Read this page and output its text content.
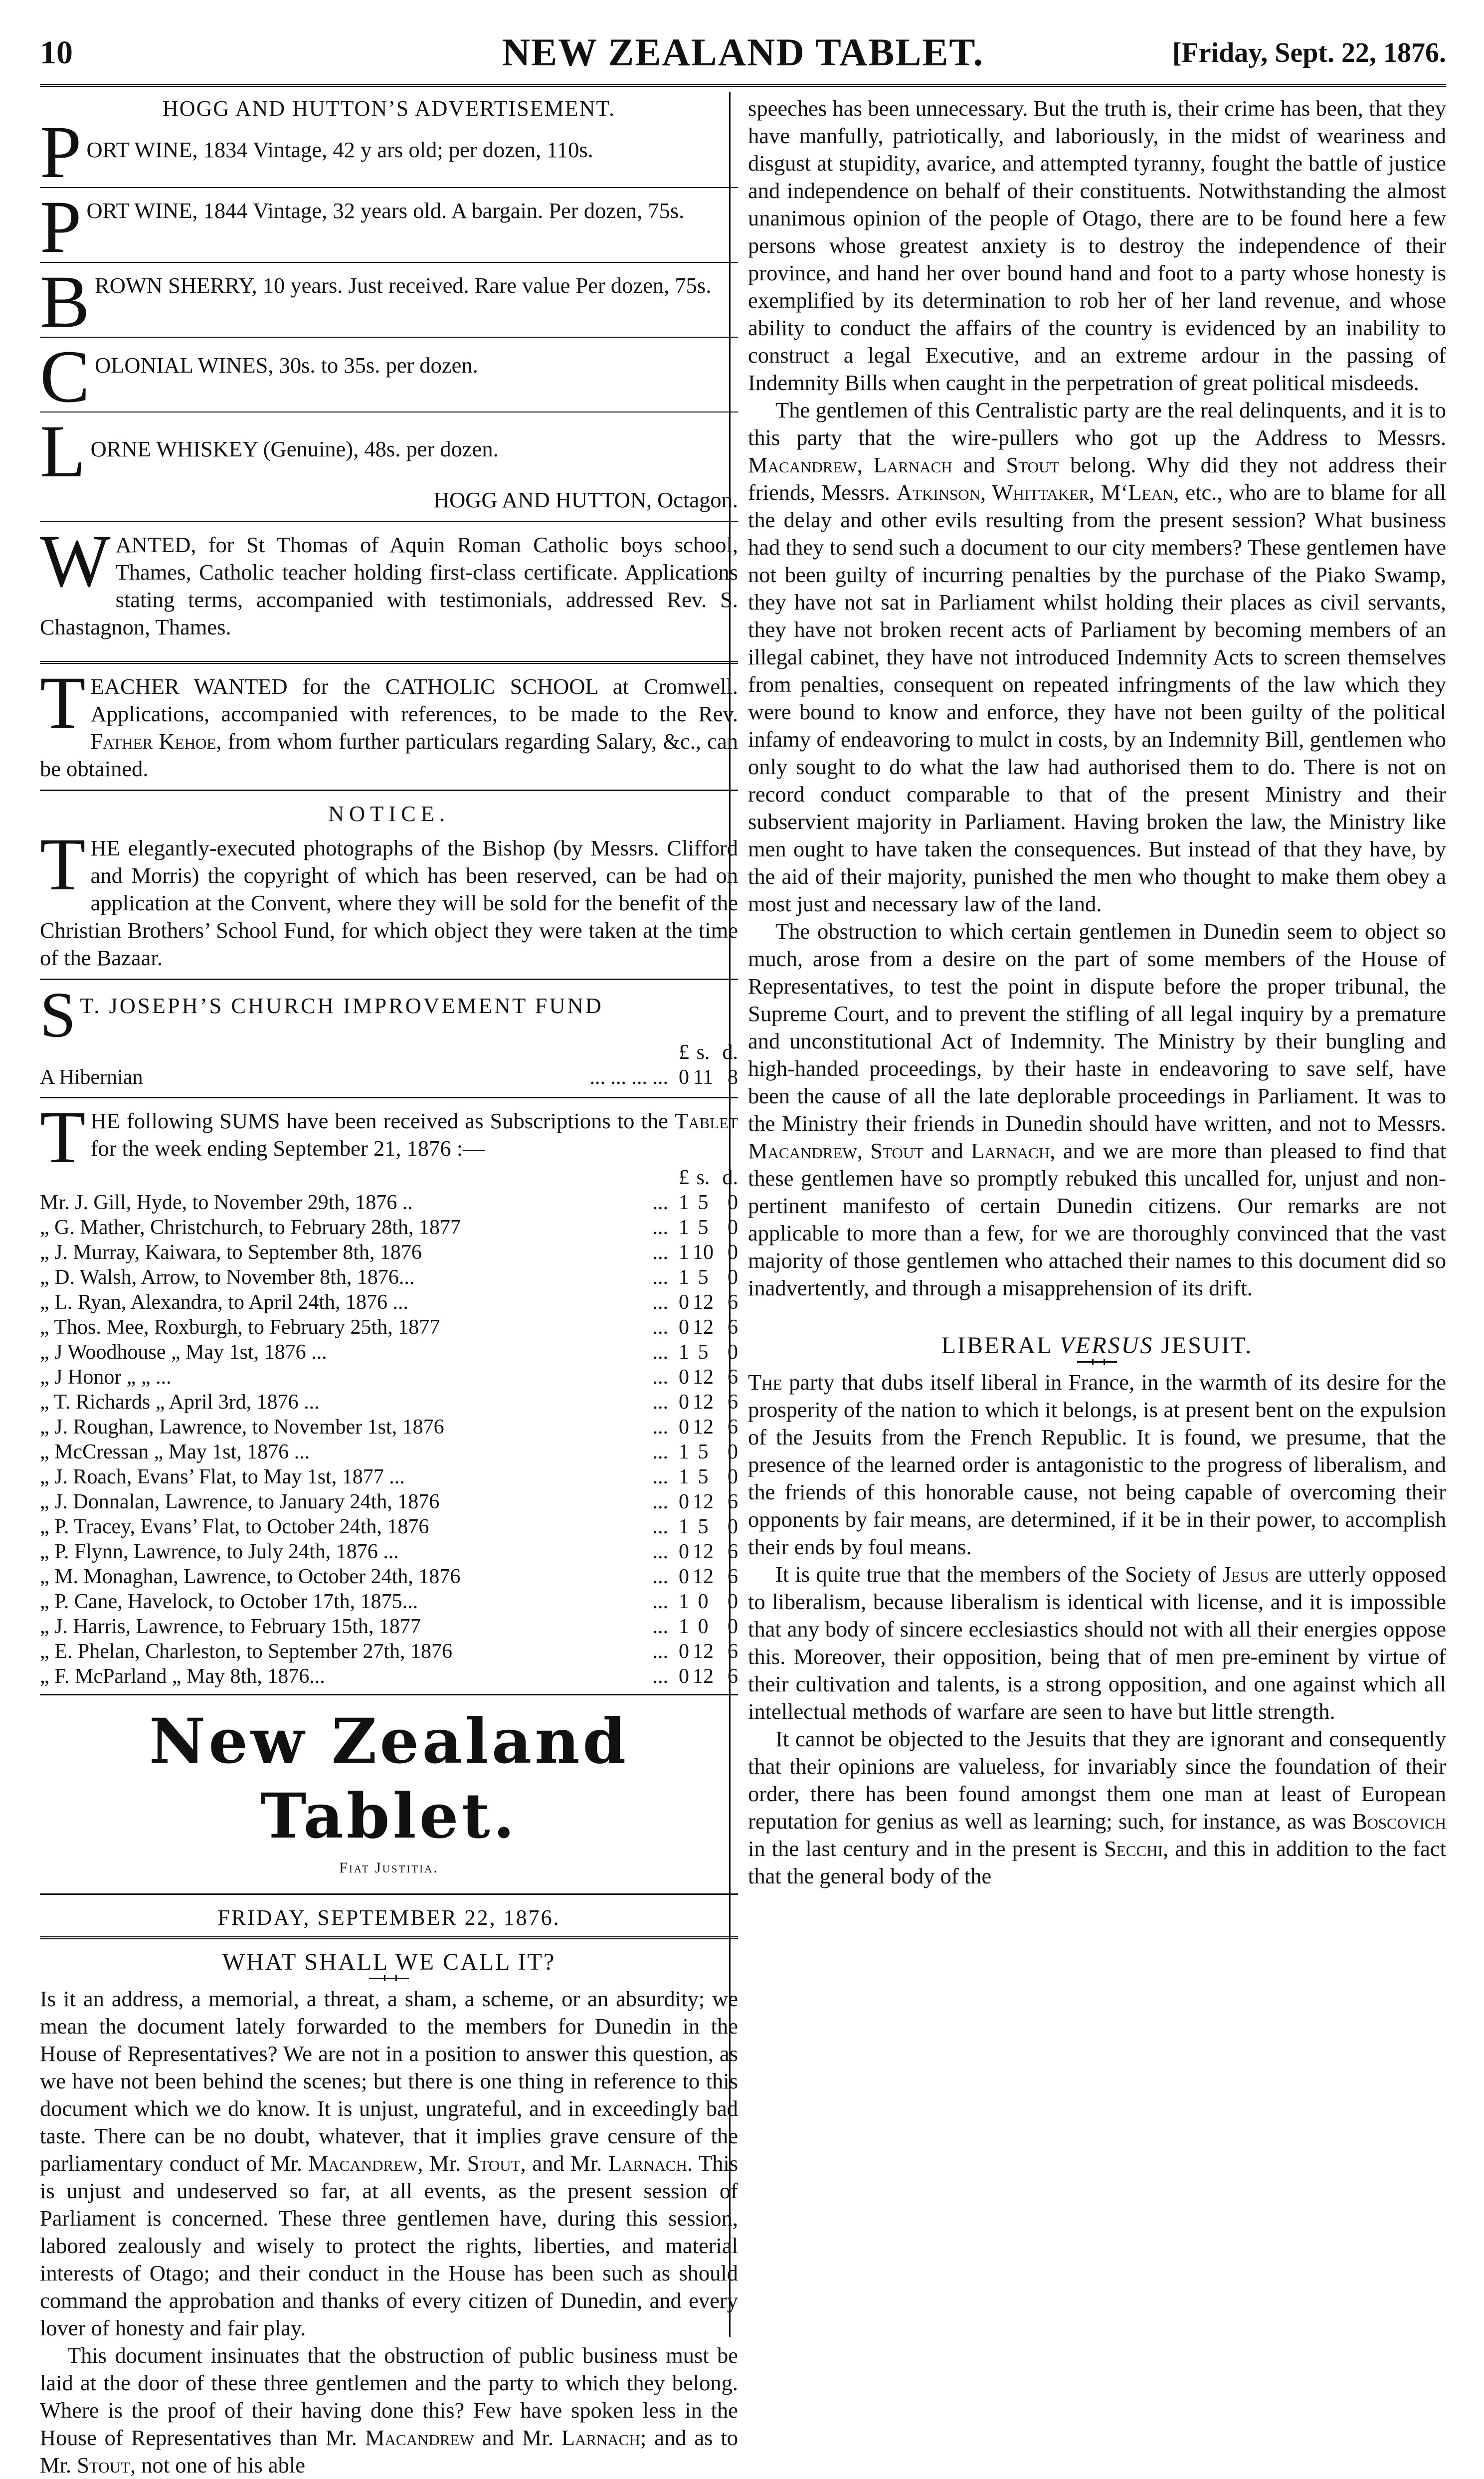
10	NEW ZEALAND TABLET.	[Friday, Sept. 22, 1876.
HOGG AND HUTTON’S ADVERTISEMENT.
P ORT WINE, 1834 Vintage, 42 y ars old; per dozen, 110s.

P ORT WINE, 1844 Vintage, 32 years old. A bargain. Per dozen, 75s.

B ROWN SHERRY, 10 years. Just received. Rare value Per dozen, 75s.

C OLONIAL WINES, 30s. to 35s. per dozen.

L ORNE WHISKEY (Genuine), 48s. per dozen.

HOGG AND HUTTON, Octagon.

W ANTED, for St Thomas of Aquin Roman Catholic boys school, Thames, Catholic teacher holding first-class certificate. Applications stating terms, accompanied with testimonials, addressed Rev. S. Chastagnon, Thames.

T EACHER WANTED for the CATHOLIC SCHOOL at Cromwell. Applications, accompanied with references, to be made to the Rev. Father Kehoe, from whom further particulars regarding Salary, &c., can be obtained.

NOTICE.
T HE elegantly-executed photographs of the Bishop (by Messrs. Clifford and Morris) the copyright of which has been reserved, can be had on application at the Convent, where they will be sold for the benefit of the Christian Brothers’ School Fund, for which object they were taken at the time of the Bazaar.

S T. JOSEPH’S CHURCH IMPROVEMENT FUND

		£	s.	d.
A Hibernian	... ... ... ...	0	11	8
T HE following SUMS have been received as Subscriptions to the Tablet for the week ending September 21, 1876 :—

		£	s.	d.
Mr. J. Gill, Hyde, to November 29th, 1876 ..	...	1	5	0
„ G. Mather, Christchurch, to February 28th, 1877	...	1	5	0
„ J. Murray, Kaiwara, to September 8th, 1876	...	1	10	0
„ D. Walsh, Arrow, to November 8th, 1876...	...	1	5	0
„ L. Ryan, Alexandra, to April 24th, 1876 ...	...	0	12	6
„ Thos. Mee, Roxburgh, to February 25th, 1877	...	0	12	6
„ J Woodhouse „ May 1st, 1876 ...	...	1	5	0
„ J Honor „ „ ...	...	0	12	6
„ T. Richards „ April 3rd, 1876 ...	...	0	12	6
„ J. Roughan, Lawrence, to November 1st, 1876	...	0	12	6
„ McCressan „ May 1st, 1876 ...	...	1	5	0
„ J. Roach, Evans’ Flat, to May 1st, 1877 ...	...	1	5	0
„ J. Donnalan, Lawrence, to January 24th, 1876	...	0	12	6
„ P. Tracey, Evans’ Flat, to October 24th, 1876	...	1	5	0
„ P. Flynn, Lawrence, to July 24th, 1876 ...	...	0	12	6
„ M. Monaghan, Lawrence, to October 24th, 1876	...	0	12	6
„ P. Cane, Havelock, to October 17th, 1875...	...	1	0	0
„ J. Harris, Lawrence, to February 15th, 1877	...	1	0	0
„ E. Phelan, Charleston, to September 27th, 1876	...	0	12	6
„ F. McParland „ May 8th, 1876...	...	0	12	6
New Zealand Tablet.
Fiat Justitia.
FRIDAY, SEPTEMBER 22, 1876.
WHAT SHALL WE CALL IT?

Is it an address, a memorial, a threat, a sham, a scheme, or an absurdity; we mean the document lately forwarded to the members for Dunedin in the House of Representatives? We are not in a position to answer this question, as we have not been behind the scenes; but there is one thing in reference to this document which we do know. It is unjust, ungrateful, and in exceedingly bad taste. There can be no doubt, whatever, that it implies grave censure of the parliamentary conduct of Mr. Macandrew, Mr. Stout, and Mr. Larnach. This is unjust and undeserved so far, at all events, as the present session of Parliament is concerned. These three gentlemen have, during this session, labored zealously and wisely to protect the rights, liberties, and material interests of Otago; and their conduct in the House has been such as should command the approbation and thanks of every citizen of Dunedin, and every lover of honesty and fair play.

This document insinuates that the obstruction of public business must be laid at the door of these three gentlemen and the party to which they belong. Where is the proof of their having done this? Few have spoken less in the House of Representatives than Mr. Macandrew and Mr. Larnach; and as to Mr. Stout, not one of his able

speeches has been unnecessary. But the truth is, their crime has been, that they have manfully, patriotically, and laboriously, in the midst of weariness and disgust at stupidity, avarice, and attempted tyranny, fought the battle of justice and independence on behalf of their constituents. Notwithstanding the almost unanimous opinion of the people of Otago, there are to be found here a few persons whose greatest anxiety is to destroy the independence of their province, and hand her over bound hand and foot to a party whose honesty is exemplified by its determination to rob her of her land revenue, and whose ability to conduct the affairs of the country is evidenced by an inability to construct a legal Executive, and an extreme ardour in the passing of Indemnity Bills when caught in the perpetration of great political misdeeds.

The gentlemen of this Centralistic party are the real delinquents, and it is to this party that the wire-pullers who got up the Address to Messrs. Macandrew, Larnach and Stout belong. Why did they not address their friends, Messrs. Atkinson, Whittaker, M‘Lean, etc., who are to blame for all the delay and other evils resulting from the present session? What business had they to send such a document to our city members? These gentlemen have not been guilty of incurring penalties by the purchase of the Piako Swamp, they have not sat in Parliament whilst holding their places as civil servants, they have not broken recent acts of Parliament by becoming members of an illegal cabinet, they have not introduced Indemnity Acts to screen themselves from penalties, consequent on repeated infringments of the law which they were bound to know and enforce, they have not been guilty of the political infamy of endeavoring to mulct in costs, by an Indemnity Bill, gentlemen who only sought to do what the law had authorised them to do. There is not on record conduct comparable to that of the present Ministry and their subservient majority in Parliament. Having broken the law, the Ministry like men ought to have taken the consequences. But instead of that they have, by the aid of their majority, punished the men who thought to make them obey a most just and necessary law of the land.

The obstruction to which certain gentlemen in Dunedin seem to object so much, arose from a desire on the part of some members of the House of Representatives, to test the point in dispute before the proper tribunal, the Supreme Court, and to prevent the stifling of all legal inquiry by a premature and unconstitutional Act of Indemnity. The Ministry by their bungling and high-handed proceedings, by their haste in endeavoring to save self, have been the cause of all the late deplorable proceedings in Parliament. It was to the Ministry their friends in Dunedin should have written, and not to Messrs. Macandrew, Stout and Larnach, and we are more than pleased to find that these gentlemen have so promptly rebuked this uncalled for, unjust and non-pertinent manifesto of certain Dunedin citizens. Our remarks are not applicable to more than a few, for we are thoroughly convinced that the vast majority of those gentlemen who attached their names to this document did so inadvertently, and through a misapprehension of its drift.

LIBERAL VERSUS JESUIT.

The party that dubs itself liberal in France, in the warmth of its desire for the prosperity of the nation to which it belongs, is at present bent on the expulsion of the Jesuits from the French Republic. It is found, we presume, that the presence of the learned order is antagonistic to the progress of liberalism, and the friends of this honorable cause, not being capable of overcoming their opponents by fair means, are determined, if it be in their power, to accomplish their ends by foul means.

It is quite true that the members of the Society of Jesus are utterly opposed to liberalism, because liberalism is identical with license, and it is impossible that any body of sincere ecclesiastics should not with all their energies oppose this. Moreover, their opposition, being that of men pre-eminent by virtue of their cultivation and talents, is a strong opposition, and one against which all intellectual methods of warfare are seen to have but little strength.

It cannot be objected to the Jesuits that they are ignorant and consequently that their opinions are valueless, for invariably since the foundation of their order, there has been found amongst them one man at least of European reputation for genius as well as learning; such, for instance, as was Boscovich in the last century and in the present is Secchi, and this in addition to the fact that the general body of the
